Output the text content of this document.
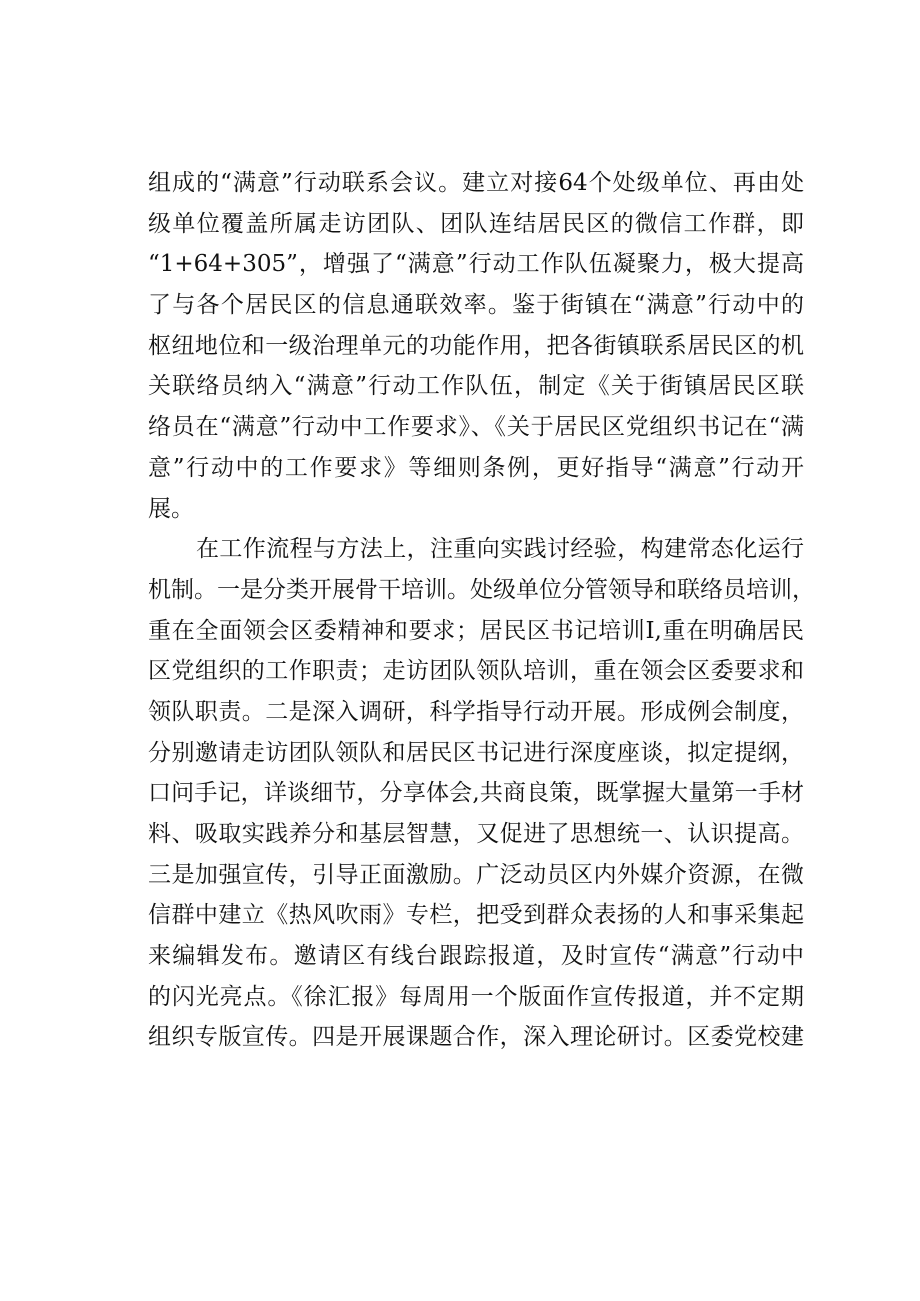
组成的“满意”行动联系会议。建立对接64个处级单位、再由处
级单位覆盖所属走访团队、团队连结居民区的微信工作群，即
“1+64+305”，增强了“满意”行动工作队伍凝聚力，极大提高
了与各个居民区的信息通联效率。鉴于街镇在“满意”行动中的
枢纽地位和一级治理单元的功能作用，把各街镇联系居民区的机
关联络员纳入“满意”行动工作队伍，制定《关于街镇居民区联
络员在“满意”行动中工作要求》、《关于居民区党组织书记在“满
意”行动中的工作要求》等细则条例，更好指导“满意”行动开
展。
在工作流程与方法上，注重向实践讨经验，构建常态化运行
机制。一是分类开展骨干培训。处级单位分管领导和联络员培训，
重在全面领会区委精神和要求；居民区书记培训I,重在明确居民
区党组织的工作职责；走访团队领队培训，重在领会区委要求和
领队职责。二是深入调研，科学指导行动开展。形成例会制度，
分别邀请走访团队领队和居民区书记进行深度座谈，拟定提纲，
口问手记，详谈细节，分享体会,共商良策，既掌握大量第一手材
料、吸取实践养分和基层智慧，又促进了思想统一、认识提高。
三是加强宣传，引导正面激励。广泛动员区内外媒介资源，在微
信群中建立《热风吹雨》专栏，把受到群众表扬的人和事采集起
来编辑发布。邀请区有线台跟踪报道，及时宣传“满意”行动中
的闪光亮点。《徐汇报》每周用一个版面作宣传报道，并不定期
组织专版宣传。四是开展课题合作，深入理论研讨。区委党校建
